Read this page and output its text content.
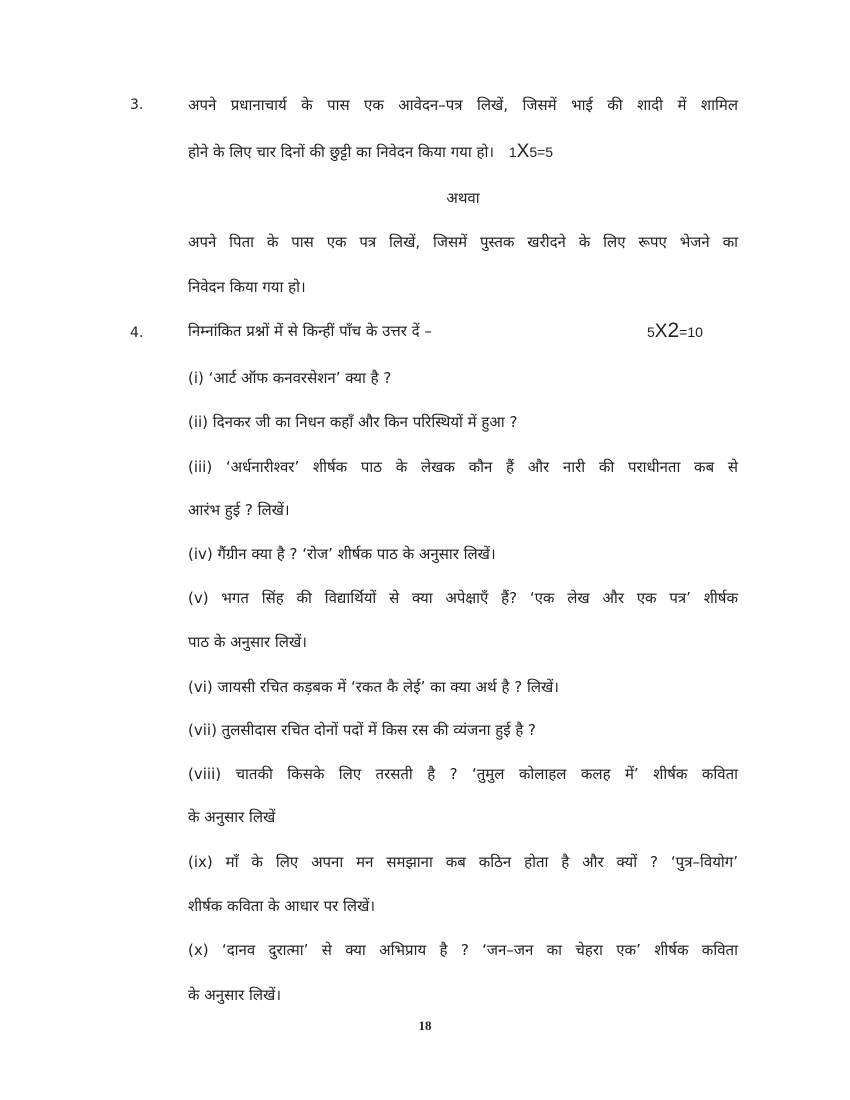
3.	अपने प्रधानाचार्य के पास एक आवेदन–पत्र लिखें, जिसमें भाई की शादी में शामिल
होने के लिए चार दिनों की छुट्टी का निवेदन किया गया हो। 1X5=5
अथवा
अपने पिता के पास एक पत्र लिखें, जिसमें पुस्तक खरीदने के लिए रूपए भेजने का
निवेदन किया गया हो।
4.	निम्नांकित प्रश्नों में से किन्हीं पाँच के उत्तर दें –	5X2=10
(i) ‘आर्ट ऑफ कनवरसेशन’ क्या है ?
(ii) दिनकर जी का निधन कहाँ और किन परिस्थियों में हुआ ?
(iii) ‘अर्धनारीश्वर’ शीर्षक पाठ के लेखक कौन हैं और नारी की पराधीनता कब से
आरंभ हुई ? लिखें।
(iv) गैंग्रीन क्या है ? ‘रोज’ शीर्षक पाठ के अनुसार लिखें।
(v) भगत सिंह की विद्यार्थियों से क्या अपेक्षाएँ हैं? ‘एक लेख और एक पत्र’ शीर्षक
पाठ के अनुसार लिखें।
(vi) जायसी रचित कड़बक में ‘रकत कै लेई’ का क्या अर्थ है ? लिखें।
(vii) तुलसीदास रचित दोनों पदों में किस रस की व्यंजना हुई है ?
(viii) चातकी किसके लिए तरसती है ? ‘तुमुल कोलाहल कलह में’ शीर्षक कविता
के अनुसार लिखें
(ix) माँ के लिए अपना मन समझाना कब कठिन होता है और क्यों ? ‘पुत्र–वियोग’
शीर्षक कविता के आधार पर लिखें।
(x) ‘दानव दुरात्मा’ से क्या अभिप्राय है ? ‘जन–जन का चेहरा एक’ शीर्षक कविता
के अनुसार लिखें।
18
